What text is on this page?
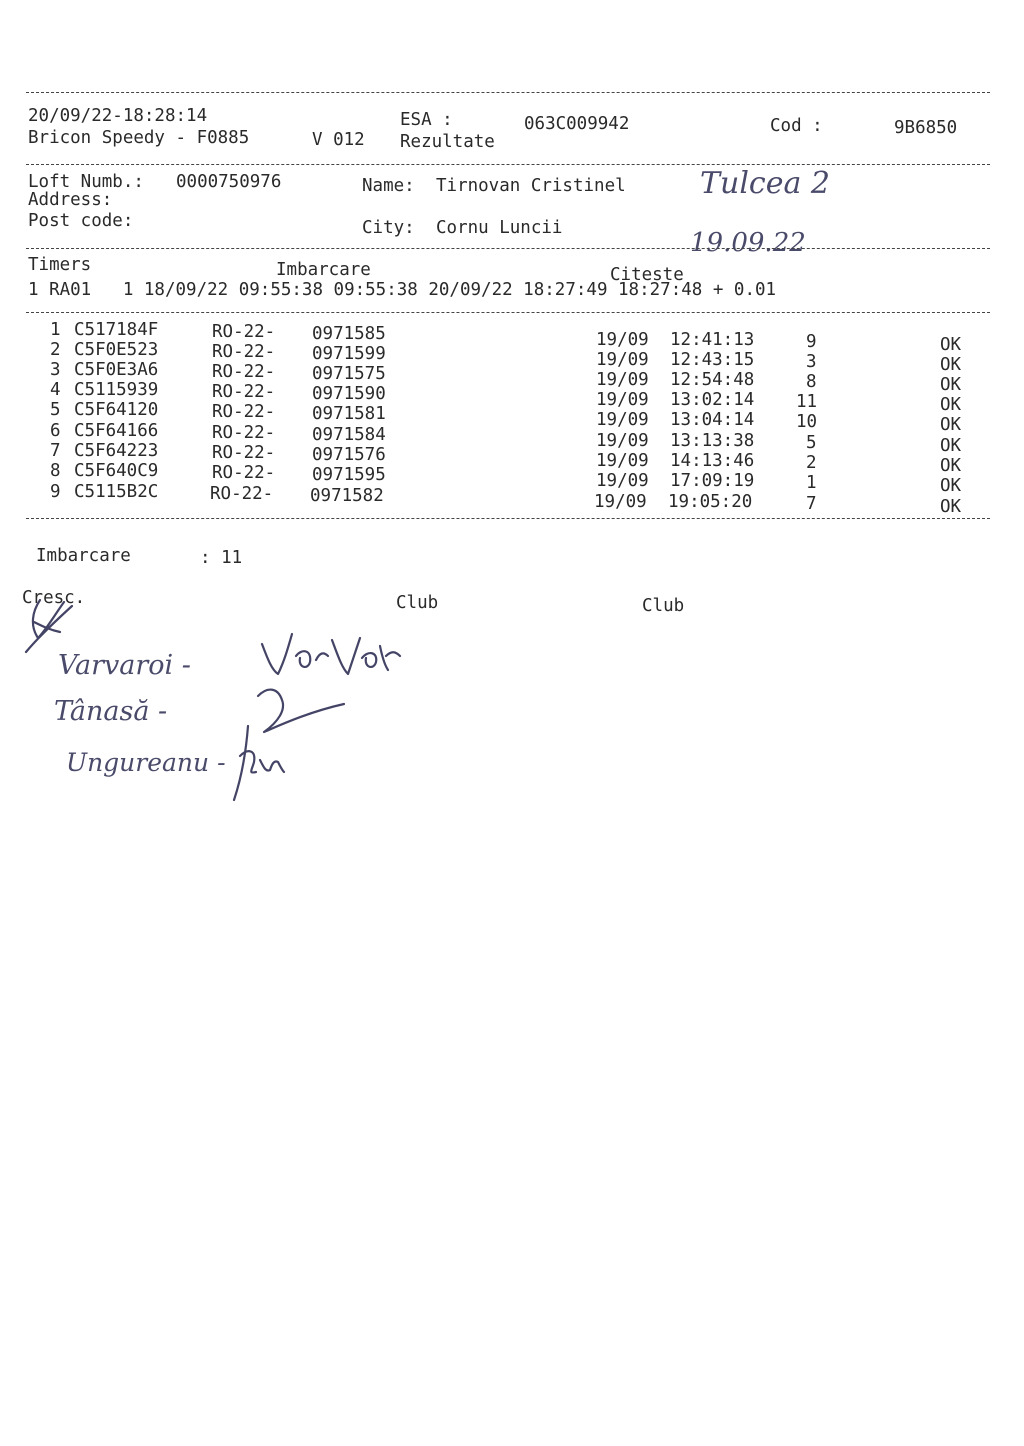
20/09/22-18:28:14
Bricon Speedy - F0885	V 012
ESA :	063C009942
Rezultate
Cod :	9B6850
Loft Numb.: 0000750976	Name: Tirnovan Cristinel
Address:
Post code:	City: Cornu Luncii
Tulcea 2
19.09.22
Timers	Imbarcare	Citeste
1 RA01   1 18/09/22 09:55:38 09:55:38 20/09/22 18:27:49 18:27:48 + 0.01
1 C517184F	RO-22- 0971585	19/09 12:41:13	9	OK
2 C5F0E523	RO-22- 0971599	19/09 12:43:15	3	OK
3 C5F0E3A6	RO-22- 0971575	19/09 12:54:48	8	OK
4 C5115939	RO-22- 0971590	19/09 13:02:14 11	OK
5 C5F64120	RO-22- 0971581	19/09 13:04:14 10	OK
6 C5F64166	RO-22- 0971584	19/09 13:13:38	5	OK
7 C5F64223	RO-22- 0971576	19/09 14:13:46	2	OK
8 C5F640C9	RO-22- 0971595	19/09 17:09:19	1	OK
9 C5115B2C	RO-22- 0971582	19/09 19:05:20	7	OK
Imbarcare	: 11
Cresc.	Club	Club
Varvaroi -
Tânasă -
Ungureanu -
